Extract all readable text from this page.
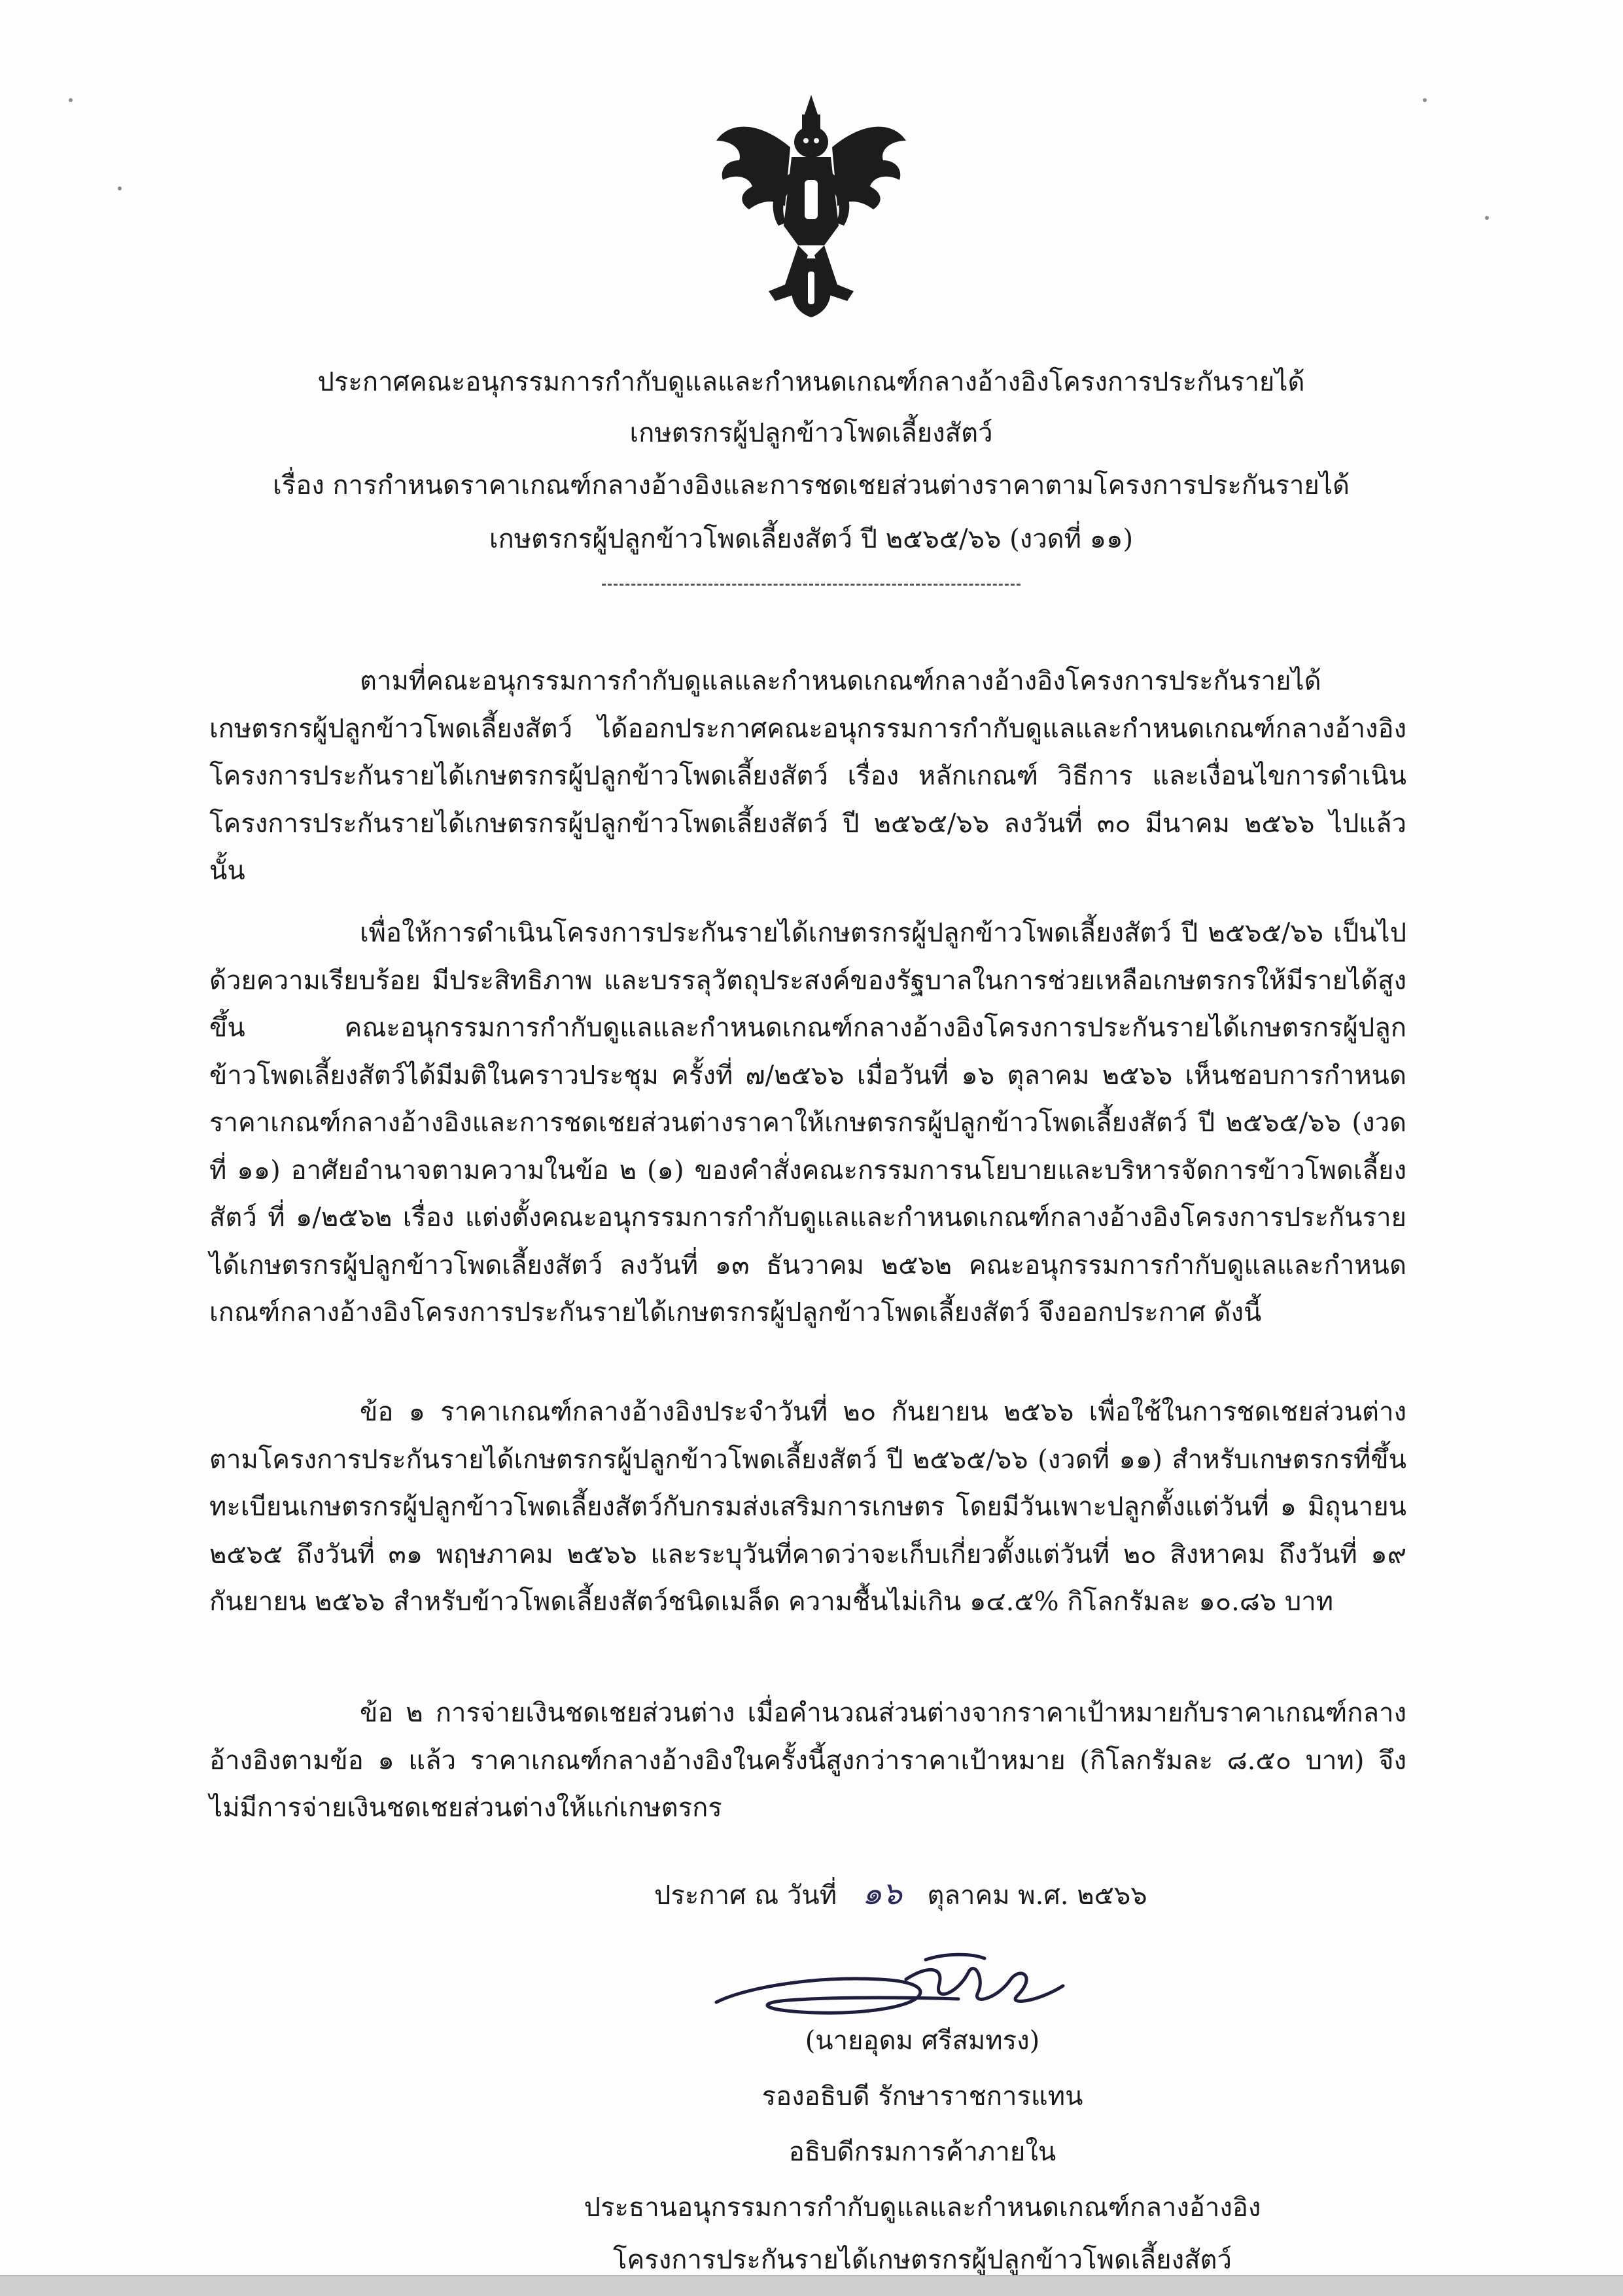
ประกาศคณะอนุกรรมการกำกับดูแลและกำหนดเกณฑ์กลางอ้างอิงโครงการประกันรายได้
เกษตรกรผู้ปลูกข้าวโพดเลี้ยงสัตว์
เรื่อง การกำหนดราคาเกณฑ์กลางอ้างอิงและการชดเชยส่วนต่างราคาตามโครงการประกันรายได้
เกษตรกรผู้ปลูกข้าวโพดเลี้ยงสัตว์ ปี ๒๕๖๕/๖๖ (งวดที่ ๑๑)
ตามที่คณะอนุกรรมการกำกับดูแลและกำหนดเกณฑ์กลางอ้างอิงโครงการประกันรายได้เกษตรกรผู้ปลูกข้าวโพดเลี้ยงสัตว์ ได้ออกประกาศคณะอนุกรรมการกำกับดูแลและกำหนดเกณฑ์กลางอ้างอิงโครงการประกันรายได้เกษตรกรผู้ปลูกข้าวโพดเลี้ยงสัตว์ เรื่อง หลักเกณฑ์ วิธีการ และเงื่อนไขการดำเนินโครงการประกันรายได้เกษตรกรผู้ปลูกข้าวโพดเลี้ยงสัตว์ ปี ๒๕๖๕/๖๖ ลงวันที่ ๓๐ มีนาคม ๒๕๖๖ ไปแล้ว นั้น
เพื่อให้การดำเนินโครงการประกันรายได้เกษตรกรผู้ปลูกข้าวโพดเลี้ยงสัตว์ ปี ๒๕๖๕/๖๖ เป็นไปด้วยความเรียบร้อย มีประสิทธิภาพ และบรรลุวัตถุประสงค์ของรัฐบาลในการช่วยเหลือเกษตรกรให้มีรายได้สูงขึ้น คณะอนุกรรมการกำกับดูแลและกำหนดเกณฑ์กลางอ้างอิงโครงการประกันรายได้เกษตรกรผู้ปลูกข้าวโพดเลี้ยงสัตว์ได้มีมติในคราวประชุม ครั้งที่ ๗/๒๕๖๖ เมื่อวันที่ ๑๖ ตุลาคม ๒๕๖๖ เห็นชอบการกำหนดราคาเกณฑ์กลางอ้างอิงและการชดเชยส่วนต่างราคาให้เกษตรกรผู้ปลูกข้าวโพดเลี้ยงสัตว์ ปี ๒๕๖๕/๖๖ (งวดที่ ๑๑) อาศัยอำนาจตามความในข้อ ๒ (๑) ของคำสั่งคณะกรรมการนโยบายและบริหารจัดการข้าวโพดเลี้ยงสัตว์ ที่ ๑/๒๕๖๒ เรื่อง แต่งตั้งคณะอนุกรรมการกำกับดูแลและกำหนดเกณฑ์กลางอ้างอิงโครงการประกันรายได้เกษตรกรผู้ปลูกข้าวโพดเลี้ยงสัตว์ ลงวันที่ ๑๓ ธันวาคม ๒๕๖๒ คณะอนุกรรมการกำกับดูแลและกำหนดเกณฑ์กลางอ้างอิงโครงการประกันรายได้เกษตรกรผู้ปลูกข้าวโพดเลี้ยงสัตว์ จึงออกประกาศ ดังนี้
ข้อ ๑ ราคาเกณฑ์กลางอ้างอิงประจำวันที่ ๒๐ กันยายน ๒๕๖๖ เพื่อใช้ในการชดเชยส่วนต่างตามโครงการประกันรายได้เกษตรกรผู้ปลูกข้าวโพดเลี้ยงสัตว์ ปี ๒๕๖๕/๖๖ (งวดที่ ๑๑) สำหรับเกษตรกรที่ขึ้นทะเบียนเกษตรกรผู้ปลูกข้าวโพดเลี้ยงสัตว์กับกรมส่งเสริมการเกษตร โดยมีวันเพาะปลูกตั้งแต่วันที่ ๑ มิถุนายน ๒๕๖๕ ถึงวันที่ ๓๑ พฤษภาคม ๒๕๖๖ และระบุวันที่คาดว่าจะเก็บเกี่ยวตั้งแต่วันที่ ๒๐ สิงหาคม ถึงวันที่ ๑๙ กันยายน ๒๕๖๖ สำหรับข้าวโพดเลี้ยงสัตว์ชนิดเมล็ด ความชื้นไม่เกิน ๑๔.๕% กิโลกรัมละ ๑๐.๘๖ บาท
ข้อ ๒ การจ่ายเงินชดเชยส่วนต่าง เมื่อคำนวณส่วนต่างจากราคาเป้าหมายกับราคาเกณฑ์กลางอ้างอิงตามข้อ ๑ แล้ว ราคาเกณฑ์กลางอ้างอิงในครั้งนี้สูงกว่าราคาเป้าหมาย (กิโลกรัมละ ๘.๕๐ บาท) จึงไม่มีการจ่ายเงินชดเชยส่วนต่างให้แก่เกษตรกร
ประกาศ ณ วันที่ ๑๖ ตุลาคม พ.ศ. ๒๕๖๖
(นายอุดม ศรีสมทรง)
รองอธิบดี รักษาราชการแทน
อธิบดีกรมการค้าภายใน
ประธานอนุกรรมการกำกับดูแลและกำหนดเกณฑ์กลางอ้างอิง
โครงการประกันรายได้เกษตรกรผู้ปลูกข้าวโพดเลี้ยงสัตว์
